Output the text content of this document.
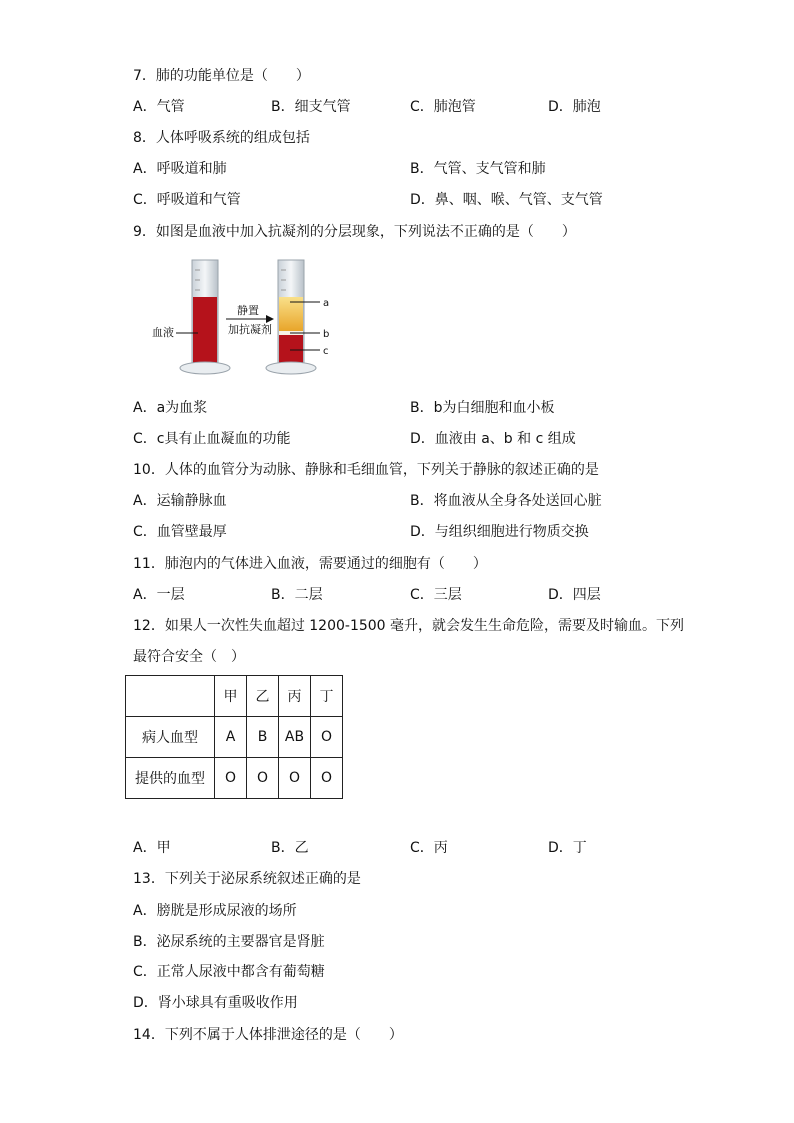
7．肺的功能单位是（　　）
A．气管	B．细支气管	C．肺泡管	D．肺泡
8．人体呼吸系统的组成包括
A．呼吸道和肺	B．气管、支气管和肺
C．呼吸道和气管	D．鼻、咽、喉、气管、支气管
9．如图是血液中加入抗凝剂的分层现象，下列说法不正确的是（　　）
血液
静置
加抗凝剂
a
b
c
A．a为血浆	B．b为白细胞和血小板
C．c具有止血凝血的功能	D．血液由 a、b 和 c 组成
10．人体的血管分为动脉、静脉和毛细血管，下列关于静脉的叙述正确的是
A．运输静脉血	B．将血液从全身各处送回心脏
C．血管壁最厚	D．与组织细胞进行物质交换
11．肺泡内的气体进入血液，需要通过的细胞有（　　）
A．一层	B．二层	C．三层	D．四层
12．如果人一次性失血超过 1200-1500 毫升，就会发生生命危险，需要及时输血。下列
最符合安全（　）
	甲	乙	丙	丁
病人血型	A	B	AB	O
提供的血型	O	O	O	O
A．甲	B．乙	C．丙	D．丁
13．下列关于泌尿系统叙述正确的是
A．膀胱是形成尿液的场所
B．泌尿系统的主要器官是肾脏
C．正常人尿液中都含有葡萄糖
D．肾小球具有重吸收作用
14．下列不属于人体排泄途径的是（　　）
